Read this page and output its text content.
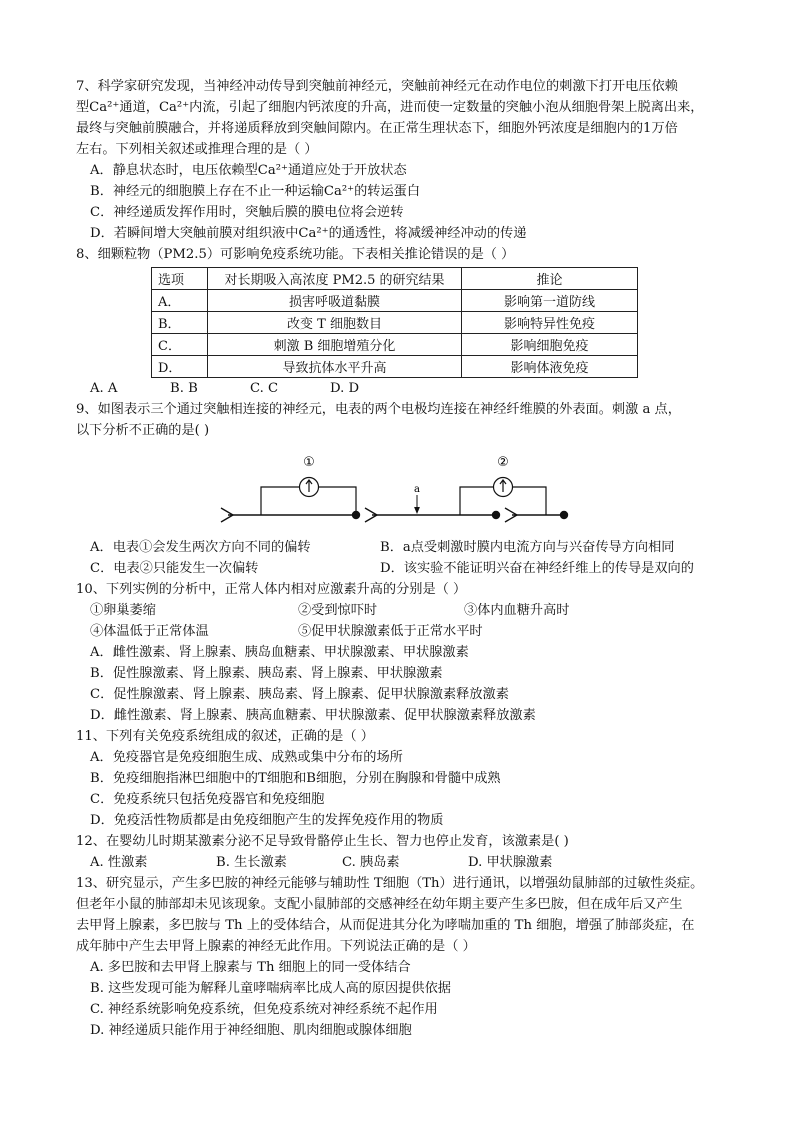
7、科学家研究发现，当神经冲动传导到突触前神经元，突触前神经元在动作电位的刺激下打开电压依赖
型Ca²⁺通道，Ca²⁺内流，引起了细胞内钙浓度的升高，进而使一定数量的突触小泡从细胞骨架上脱离出来，
最终与突触前膜融合，并将递质释放到突触间隙内。在正常生理状态下，细胞外钙浓度是细胞内的1万倍
左右。下列相关叙述或推理合理的是（ ）
A．静息状态时，电压依赖型Ca²⁺通道应处于开放状态
B．神经元的细胞膜上存在不止一种运输Ca²⁺的转运蛋白
C．神经递质发挥作用时，突触后膜的膜电位将会逆转
D．若瞬间增大突触前膜对组织液中Ca²⁺的通透性，将减缓神经冲动的传递
8、细颗粒物（PM2.5）可影响免疫系统功能。下表相关推论错误的是（ ）
选项	对长期吸入高浓度 PM2.5 的研究结果	推论
A．	损害呼吸道黏膜	影响第一道防线
B．	改变 T 细胞数目	影响特异性免疫
C．	刺激 B 细胞增殖分化	影响细胞免疫
D．	导致抗体水平升高	影响体液免疫
A. A	B. B	C. C	D. D
9、如图表示三个通过突触相连接的神经元，电表的两个电极均连接在神经纤维膜的外表面。刺激 a 点，
以下分析不正确的是( )
①
a
②
A．电表①会发生两次方向不同的偏转	B．a点受刺激时膜内电流方向与兴奋传导方向相同
C．电表②只能发生一次偏转	D．该实验不能证明兴奋在神经纤维上的传导是双向的
10、下列实例的分析中，正常人体内相对应激素升高的分别是（ ）
①卵巢萎缩	②受到惊吓时	③体内血糖升高时
④体温低于正常体温	⑤促甲状腺激素低于正常水平时
A．雌性激素、肾上腺素、胰岛血糖素、甲状腺激素、甲状腺激素
B．促性腺激素、肾上腺素、胰岛素、肾上腺素、甲状腺激素
C．促性腺激素、肾上腺素、胰岛素、肾上腺素、促甲状腺激素释放激素
D．雌性激素、肾上腺素、胰高血糖素、甲状腺激素、促甲状腺激素释放激素
11、下列有关免疫系统组成的叙述，正确的是（ ）
A．免疫器官是免疫细胞生成、成熟或集中分布的场所
B．免疫细胞指淋巴细胞中的T细胞和B细胞，分别在胸腺和骨髓中成熟
C．免疫系统只包括免疫器官和免疫细胞
D．免疫活性物质都是由免疫细胞产生的发挥免疫作用的物质
12、在婴幼儿时期某激素分泌不足导致骨骼停止生长、智力也停止发育，该激素是( )
A. 性激素	B. 生长激素	C. 胰岛素	D. 甲状腺激素
13、研究显示，产生多巴胺的神经元能够与辅助性 T细胞（Th）进行通讯，以增强幼鼠肺部的过敏性炎症。
但老年小鼠的肺部却未见该现象。支配小鼠肺部的交感神经在幼年期主要产生多巴胺，但在成年后又产生
去甲肾上腺素，多巴胺与 Th 上的受体结合，从而促进其分化为哮喘加重的 Th 细胞，增强了肺部炎症，在
成年肺中产生去甲肾上腺素的神经无此作用。下列说法正确的是（ ）
A. 多巴胺和去甲肾上腺素与 Th 细胞上的同一受体结合
B. 这些发现可能为解释儿童哮喘病率比成人高的原因提供依据
C. 神经系统影响免疫系统，但免疫系统对神经系统不起作用
D. 神经递质只能作用于神经细胞、肌肉细胞或腺体细胞
